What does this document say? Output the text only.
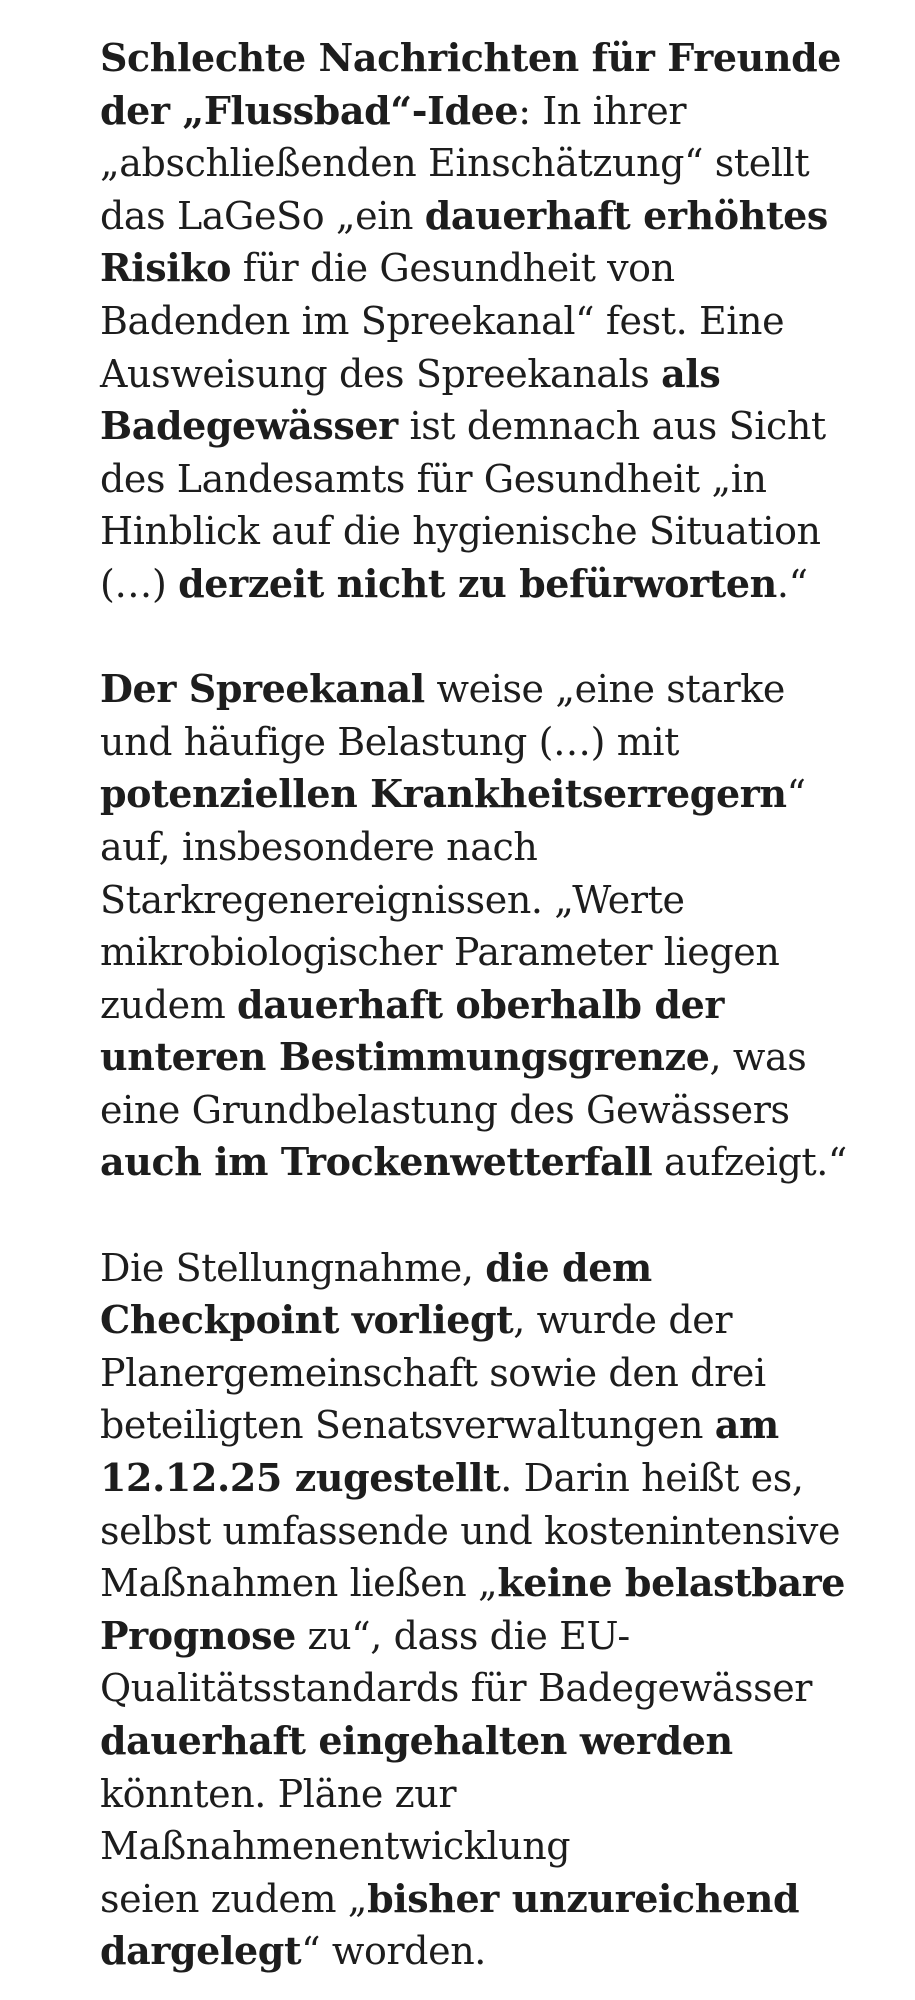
Schlechte Nachrichten für Freunde
der „Flussbad“-Idee: In ihrer
„abschließenden Einschätzung“ stellt
das LaGeSo „ein dauerhaft erhöhtes
Risiko für die Gesundheit von
Badenden im Spreekanal“ fest. Eine
Ausweisung des Spreekanals als
Badegewässer ist demnach aus Sicht
des Landesamts für Gesundheit „in
Hinblick auf die hygienische Situation
(…) derzeit nicht zu befürworten.“

Der Spreekanal weise „eine starke
und häufige Belastung (…) mit
potenziellen Krankheitserregern“
auf, insbesondere nach
Starkregenereignissen. „Werte
mikrobiologischer Parameter liegen
zudem dauerhaft oberhalb der
unteren Bestimmungsgrenze, was
eine Grundbelastung des Gewässers
auch im Trockenwetterfall aufzeigt.“

Die Stellungnahme, die dem
Checkpoint vorliegt, wurde der
Planergemeinschaft sowie den drei
beteiligten Senatsverwaltungen am
12.12.25 zugestellt. Darin heißt es,
selbst umfassende und kostenintensive
Maßnahmen ließen „keine belastbare
Prognose zu“, dass die EU-
Qualitätsstandards für Badegewässer
dauerhaft eingehalten werden
könnten. Pläne zur
Maßnahmenentwicklung
seien zudem „bisher unzureichend
dargelegt“ worden.
